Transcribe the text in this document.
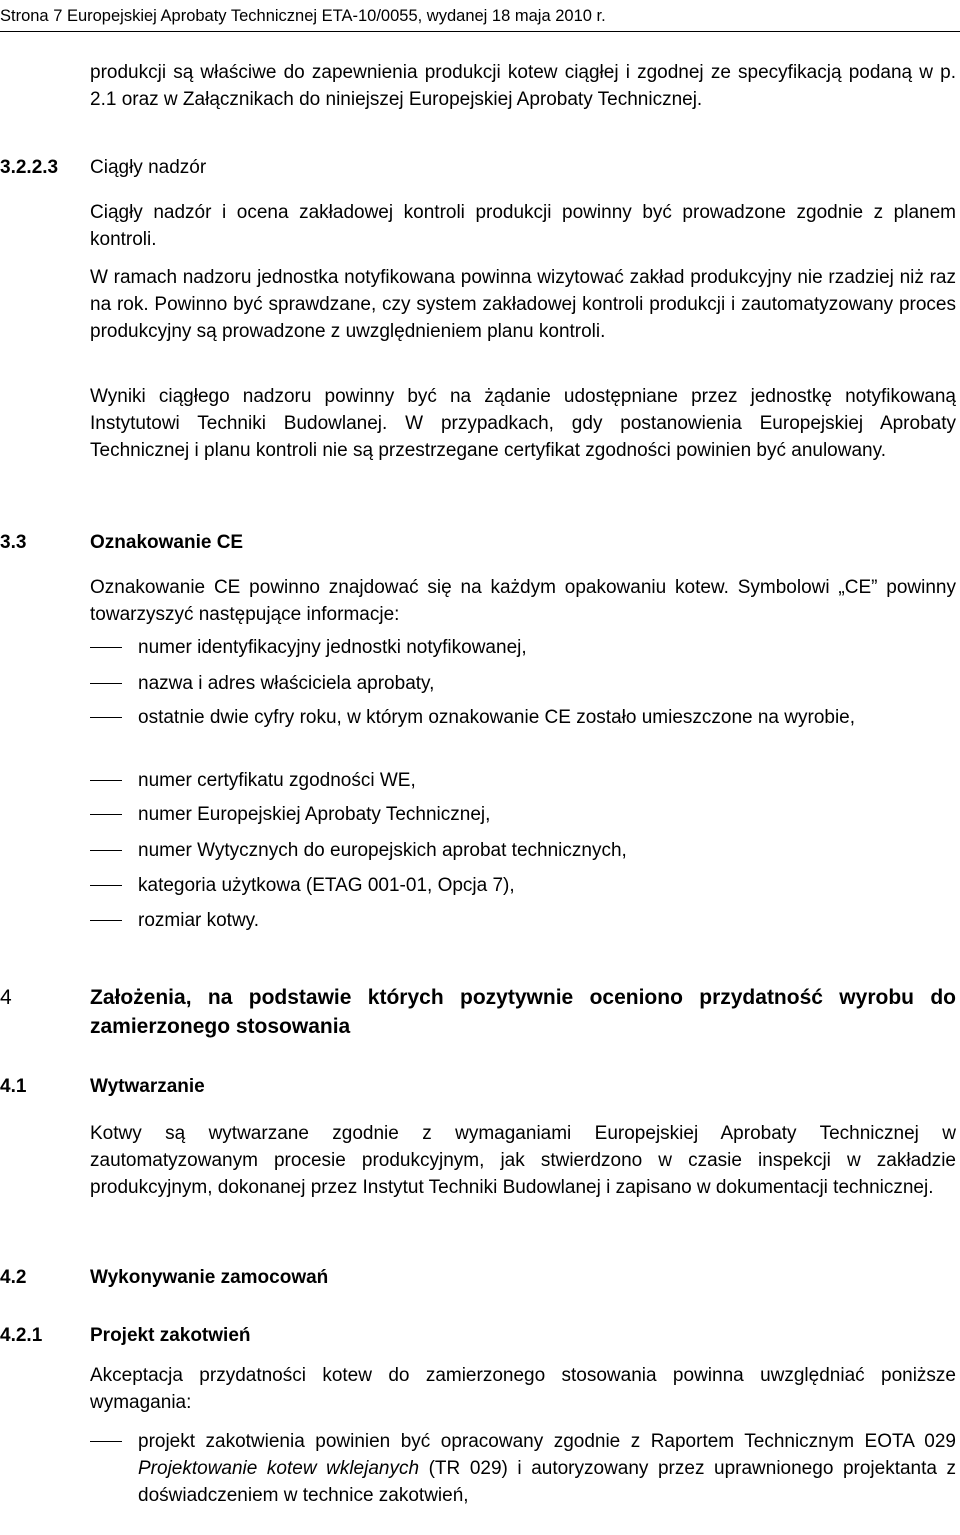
Strona 7 Europejskiej Aprobaty Technicznej ETA-10/0055, wydanej 18 maja 2010 r.

produkcji są właściwe do zapewnienia produkcji kotew ciągłej i zgodnej ze specyfikacją podaną w p. 2.1 oraz w Załącznikach do niniejszej Europejskiej Aprobaty Technicznej.

3.2.2.3 Ciągły nadzór

Ciągły nadzór i ocena zakładowej kontroli produkcji powinny być prowadzone zgodnie z planem kontroli.

W ramach nadzoru jednostka notyfikowana powinna wizytować zakład produkcyjny nie rzadziej niż raz na rok. Powinno być sprawdzane, czy system zakładowej kontroli produkcji i zautomatyzowany proces produkcyjny są prowadzone z uwzględnieniem planu kontroli.

Wyniki ciągłego nadzoru powinny być na żądanie udostępniane przez jednostkę notyfikowaną Instytutowi Techniki Budowlanej. W przypadkach, gdy postanowienia Europejskiej Aprobaty Technicznej i planu kontroli nie są przestrzegane certyfikat zgodności powinien być anulowany.

3.3	Oznakowanie CE

Oznakowanie CE powinno znajdować się na każdym opakowaniu kotew. Symbolowi „CE” powinny towarzyszyć następujące informacje:

numer identyfikacyjny jednostki notyfikowanej,
nazwa i adres właściciela aprobaty,
ostatnie dwie cyfry roku, w którym oznakowanie CE zostało umieszczone na wyrobie,
numer certyfikatu zgodności WE,
numer Europejskiej Aprobaty Technicznej,
numer Wytycznych do europejskich aprobat technicznych,
kategoria użytkowa (ETAG 001-01, Opcja 7),
rozmiar kotwy.
4	Założenia, na podstawie których pozytywnie oceniono przydatność wyrobu do zamierzonego stosowania
4.1	Wytwarzanie

Kotwy są wytwarzane zgodnie z wymaganiami Europejskiej Aprobaty Technicznej w zautomatyzowanym procesie produkcyjnym, jak stwierdzono w czasie inspekcji w zakładzie produkcyjnym, dokonanej przez Instytut Techniki Budowlanej i zapisano w dokumentacji technicznej.

4.2	Wykonywanie zamocowań
4.2.1	Projekt zakotwień

Akceptacja przydatności kotew do zamierzonego stosowania powinna uwzględniać poniższe wymagania:

projekt zakotwienia powinien być opracowany zgodnie z Raportem Technicznym EOTA 029 Projektowanie kotew wklejanych (TR 029) i autoryzowany przez uprawnionego projektanta z doświadczeniem w technice zakotwień,
